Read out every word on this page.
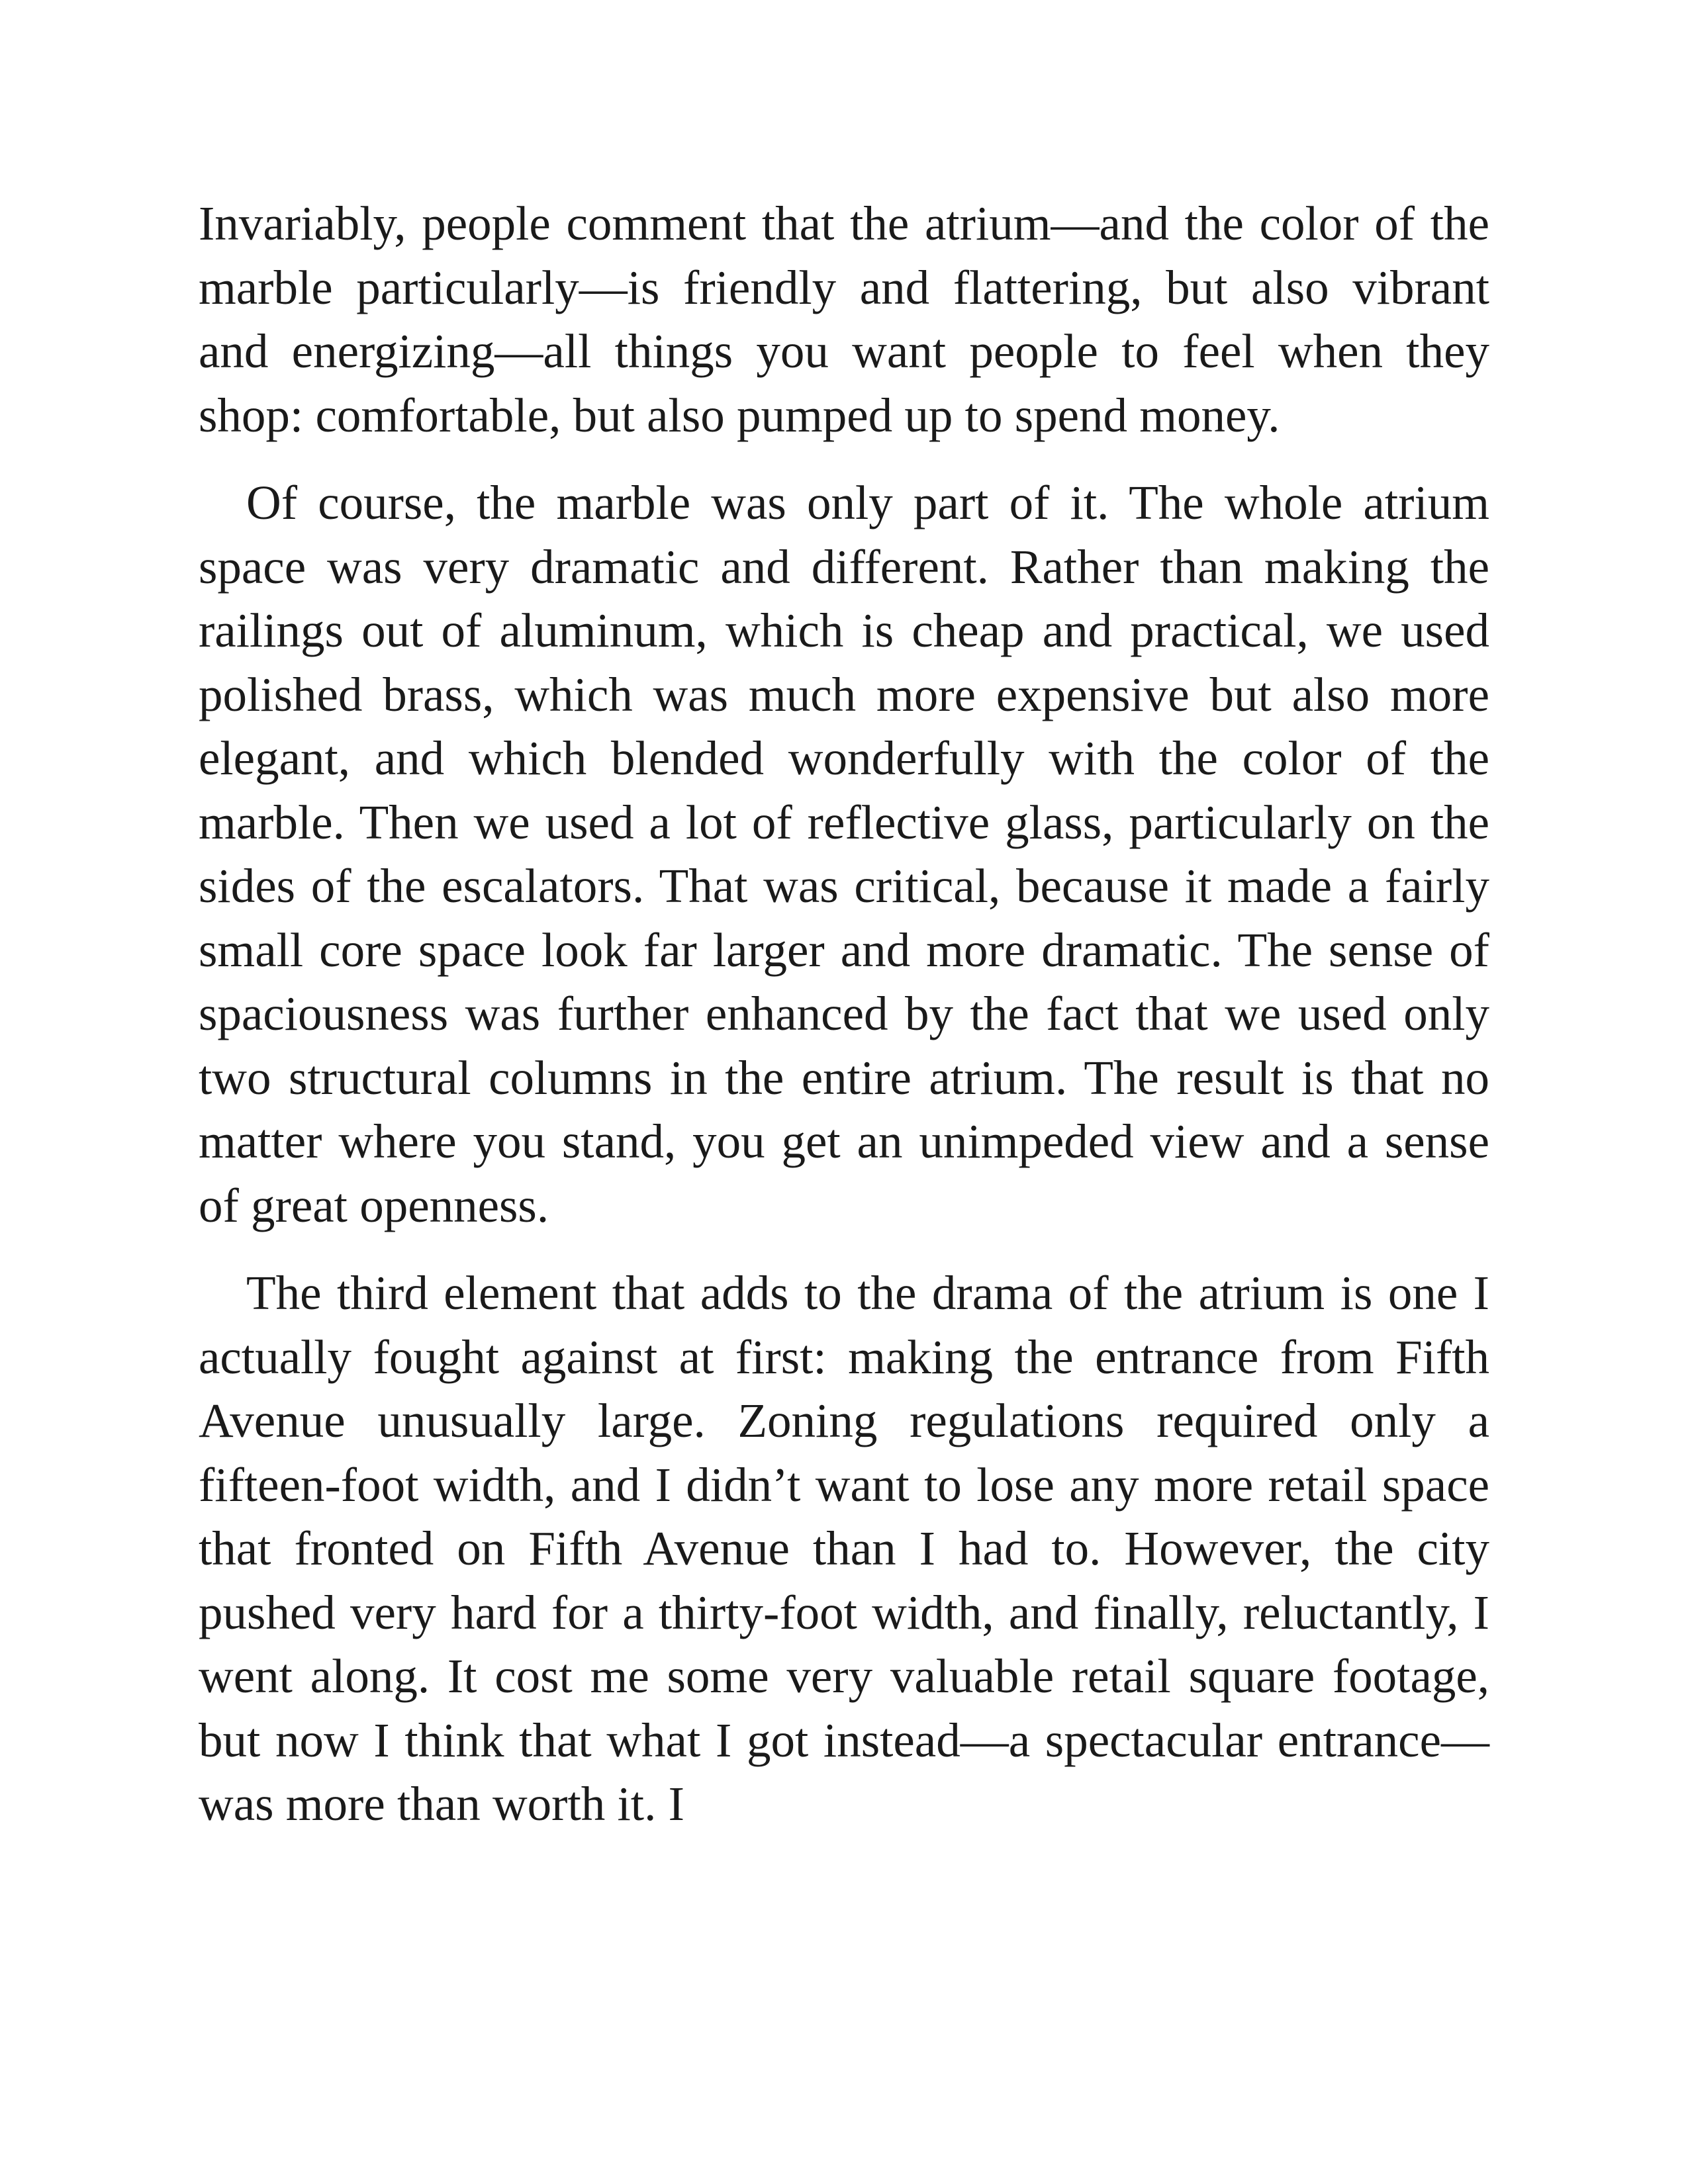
Invariably, people comment that the atrium—and the color of the marble particularly—is friendly and flattering, but also vibrant and energizing—all things you want people to feel when they shop: comfortable, but also pumped up to spend money.

Of course, the marble was only part of it. The whole atrium space was very dramatic and different. Rather than making the railings out of aluminum, which is cheap and practical, we used polished brass, which was much more expensive but also more elegant, and which blended wonderfully with the color of the marble. Then we used a lot of reflective glass, particularly on the sides of the escalators. That was critical, because it made a fairly small core space look far larger and more dramatic. The sense of spaciousness was further enhanced by the fact that we used only two structural columns in the entire atrium. The result is that no matter where you stand, you get an unimpeded view and a sense of great openness.

The third element that adds to the drama of the atrium is one I actually fought against at first: making the entrance from Fifth Avenue unusually large. Zoning regulations required only a fifteen-foot width, and I didn’t want to lose any more retail space that fronted on Fifth Avenue than I had to. However, the city pushed very hard for a thirty-foot width, and finally, reluctantly, I went along. It cost me some very valuable retail square footage, but now I think that what I got instead—a spectacular entrance—was more than worth it. I
